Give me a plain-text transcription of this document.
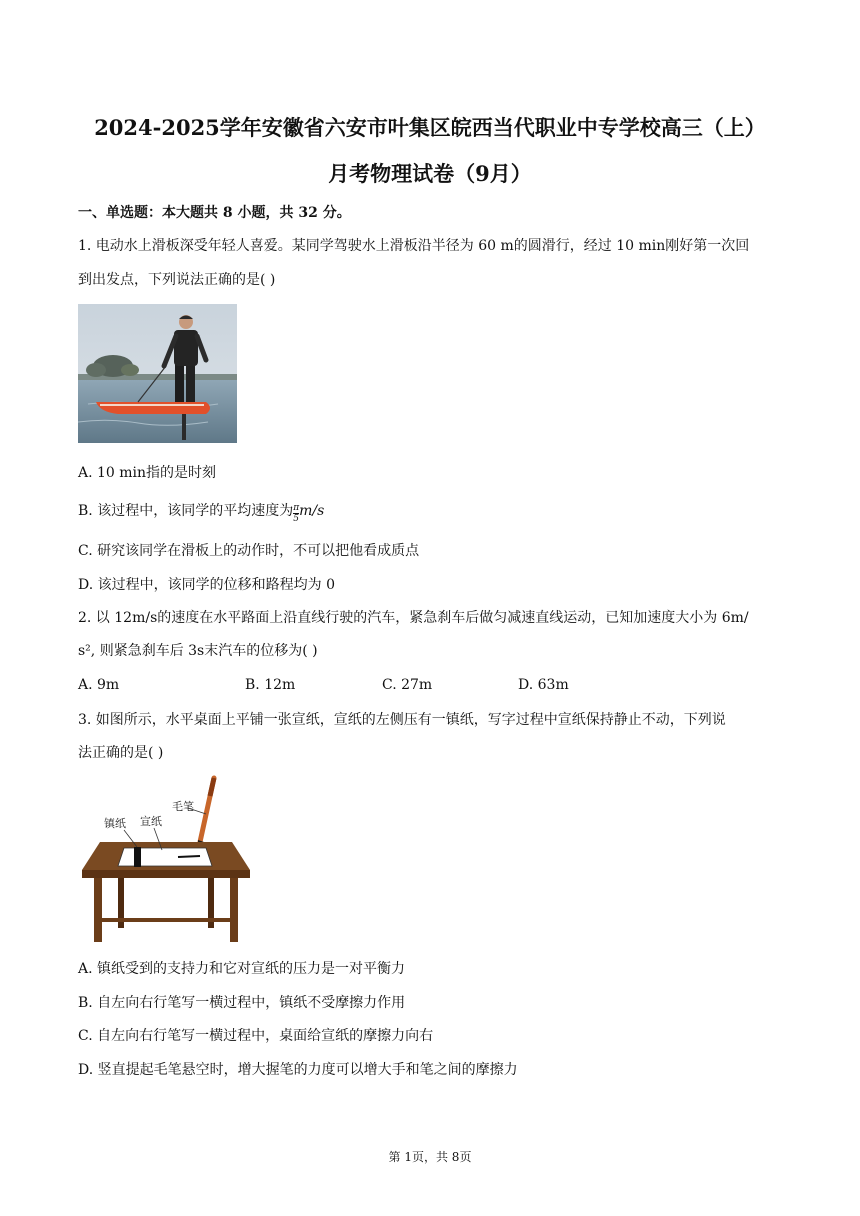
2024-2025学年安徽省六安市叶集区皖西当代职业中专学校高三（上）
月考物理试卷（9月）
一、单选题：本大题共 8 小题，共 32 分。
1. 电动水上滑板深受年轻人喜爱。某同学驾驶水上滑板沿半径为 60 m的圆滑行，经过 10 min刚好第一次回
到出发点，下列说法正确的是( )
A. 10 min指的是时刻
B. 该过程中，该同学的平均速度为 $\frac{\pi}{5} m/s$
C. 研究该同学在滑板上的动作时，不可以把他看成质点
D. 该过程中，该同学的位移和路程均为 0
2. 以 12m/s的速度在水平路面上沿直线行驶的汽车，紧急刹车后做匀减速直线运动，已知加速度大小为 6m/
s², 则紧急刹车后 3s末汽车的位移为( )
A. 9m	B. 12m	C. 27m	D. 63m
3. 如图所示，水平桌面上平铺一张宣纸，宣纸的左侧压有一镇纸，写字过程中宣纸保持静止不动，下列说
法正确的是( )
毛笔
镇纸 宣纸
A. 镇纸受到的支持力和它对宣纸的压力是一对平衡力
B. 自左向右行笔写一横过程中，镇纸不受摩擦力作用
C. 自左向右行笔写一横过程中，桌面给宣纸的摩擦力向右
D. 竖直提起毛笔悬空时，增大握笔的力度可以增大手和笔之间的摩擦力
第 1页，共 8页
